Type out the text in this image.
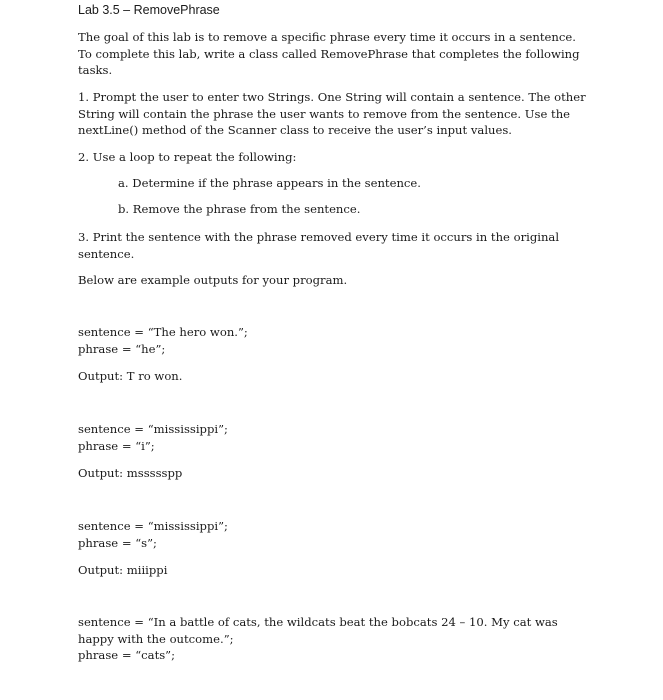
Lab 3.5 – RemovePhrase

The goal of this lab is to remove a specific phrase every time it occurs in a sentence. To complete this lab, write a class called RemovePhrase that completes the following tasks.

1. Prompt the user to enter two Strings. One String will contain a sentence. The other String will contain the phrase the user wants to remove from the sentence. Use the nextLine() method of the Scanner class to receive the user’s input values.

2. Use a loop to repeat the following:
a. Determine if the phrase appears in the sentence.
b. Remove the phrase from the sentence.

3. Print the sentence with the phrase removed every time it occurs in the original sentence.

Below are example outputs for your program.
sentence = “The hero won.”;
phrase = “he”;
Output: T ro won.
sentence = “mississippi”;
phrase = “i”;
Output: mssssspp
sentence = “mississippi”;
phrase = “s”;
Output: miiippi

sentence = “In a battle of cats, the wildcats beat the bobcats 24 – 10. My cat was happy with the outcome.”;

phrase = “cats”;
